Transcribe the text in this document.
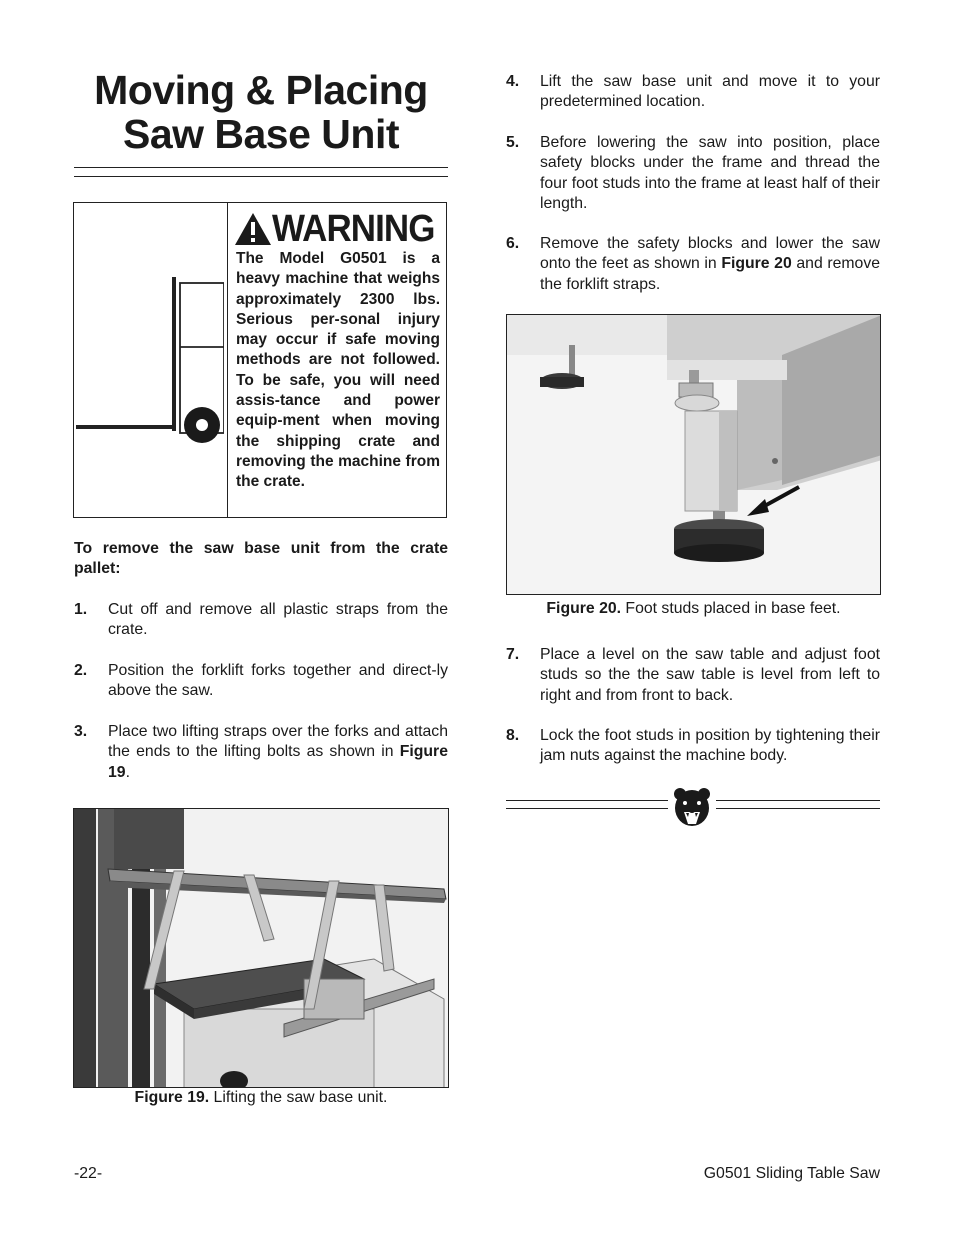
Moving & Placing
Saw Base Unit
WARNING
The Model G0501 is a heavy machine that weighs approximately 2300 lbs. Serious per-sonal injury may occur if safe moving methods are not followed. To be safe, you will need assis-tance and power equip-ment when moving the shipping crate and removing the machine from the crate.
To remove the saw base unit from the crate pallet:
1.	Cut off and remove all plastic straps from the crate.
2.	Position the forklift forks together and direct-ly above the saw.
3.	Place two lifting straps over the forks and attach the ends to the lifting bolts as shown in Figure 19.
Figure 19. Lifting the saw base unit.
4.	Lift the saw base unit and move it to your predetermined location.
5.	Before lowering the saw into position, place safety blocks under the frame and thread the four foot studs into the frame at least half of their length.
6.	Remove the safety blocks and lower the saw onto the feet as shown in Figure 20 and remove the forklift straps.
Figure 20. Foot studs placed in base feet.
7.	Place a level on the saw table and adjust foot studs so the the saw table is level from left to right and from front to back.
8.	Lock the foot studs in position by tightening their jam nuts against the machine body.
-22-	G0501 Sliding Table Saw
